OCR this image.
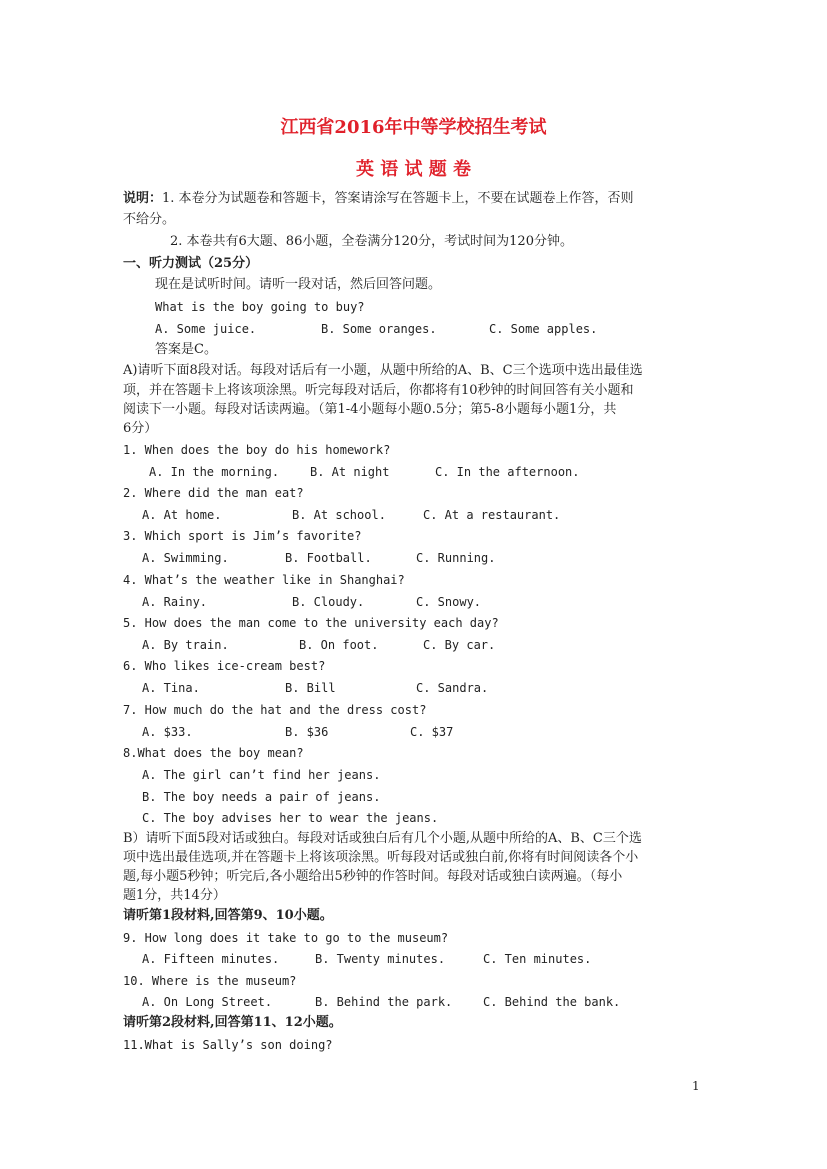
江西省2016年中等学校招生考试
英 语 试 题 卷
说明：1. 本卷分为试题卷和答题卡，答案请涂写在答题卡上，不要在试题卷上作答，否则
不给分。
2. 本卷共有6大题、86小题，全卷满分120分，考试时间为120分钟。
一、听力测试（25分）
现在是试听时间。请听一段对话，然后回答问题。
What is the boy going to buy?
A. Some juice.	B. Some oranges.	C. Some apples.
答案是C。
A)请听下面8段对话。每段对话后有一小题，从题中所给的A、B、C三个选项中选出最佳选
项，并在答题卡上将该项涂黑。听完每段对话后，你都将有10秒钟的时间回答有关小题和
阅读下一小题。每段对话读两遍。（第1-4小题每小题0.5分；第5-8小题每小题1分，共
6分）
1. When does the boy do his homework?
A. In the morning.	B. At night	C. In the afternoon.
2. Where did the man eat?
A. At home.	B. At school.	C. At a restaurant.
3. Which sport is Jim’s favorite?
A. Swimming.	B. Football.	C. Running.
4. What’s the weather like in Shanghai?
A. Rainy.	B. Cloudy.	C. Snowy.
5. How does the man come to the university each day?
A. By train.	B. On foot.	C. By car.
6. Who likes ice-cream best?
A. Tina.	B. Bill	C. Sandra.
7. How much do the hat and the dress cost?
A. $33.	B. $36	C. $37
8.What does the boy mean?
A. The girl can’t find her jeans.
B. The boy needs a pair of jeans.
C. The boy advises her to wear the jeans.
B）请听下面5段对话或独白。每段对话或独白后有几个小题,从题中所给的A、B、C三个选
项中选出最佳选项,并在答题卡上将该项涂黑。听每段对话或独白前,你将有时间阅读各个小
题,每小题5秒钟；听完后,各小题给出5秒钟的作答时间。每段对话或独白读两遍。（每小
题1分，共14分）
请听第1段材料,回答第9、10小题。
9. How long does it take to go to the museum?
A. Fifteen minutes.	B. Twenty minutes.	C. Ten minutes.
10. Where is the museum?
A. On Long Street.	B. Behind the park.	C. Behind the bank.
请听第2段材料,回答第11、12小题。
11.What is Sally’s son doing?
1
